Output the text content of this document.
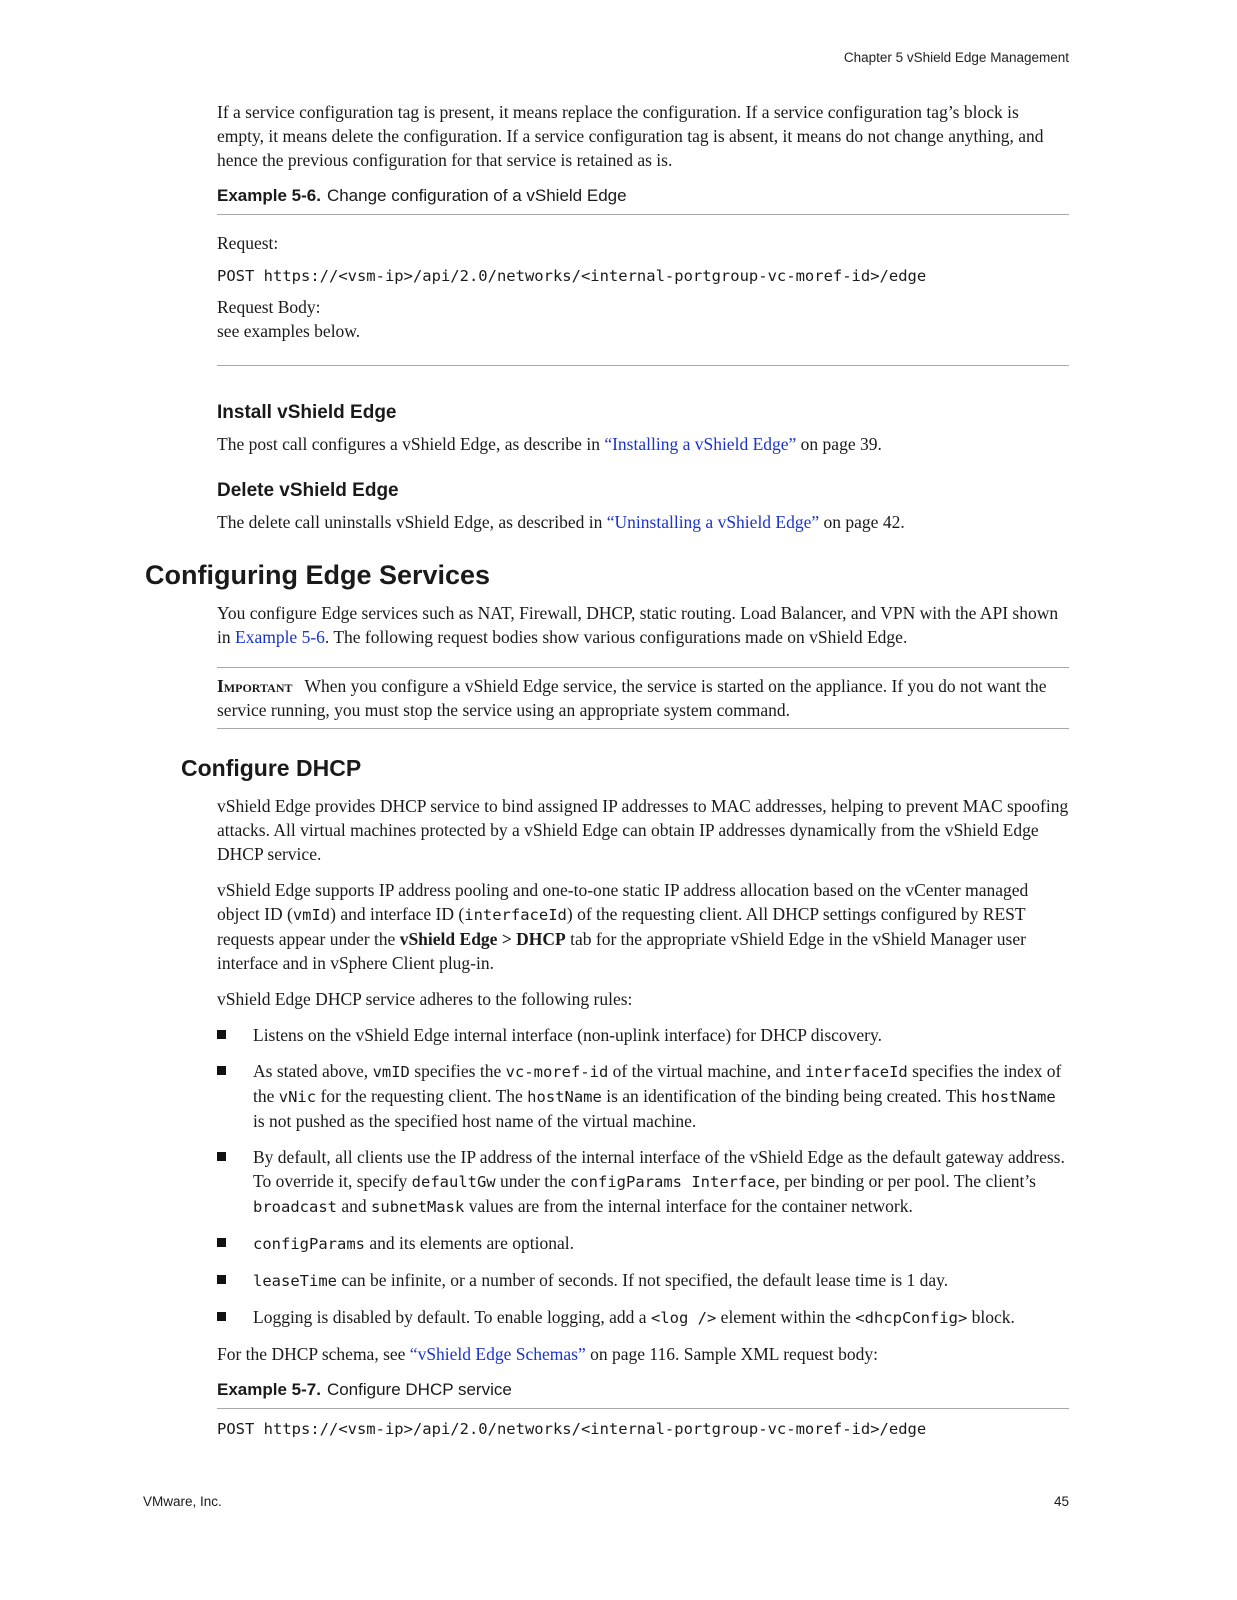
Chapter 5 vShield Edge Management

If a service configuration tag is present, it means replace the configuration. If a service configuration tag’s block is empty, it means delete the configuration. If a service configuration tag is absent, it means do not change anything, and hence the previous configuration for that service is retained as is.

Example 5-6. Change configuration of a vShield Edge

Request:

POST https://<vsm-ip>/api/2.0/networks/<internal-portgroup-vc-moref-id>/edge

Request Body:

see examples below.

Install vShield Edge

The post call configures a vShield Edge, as describe in “Installing a vShield Edge” on page 39.

Delete vShield Edge

The delete call uninstalls vShield Edge, as described in “Uninstalling a vShield Edge” on page 42.

Configuring Edge Services

You configure Edge services such as NAT, Firewall, DHCP, static routing. Load Balancer, and VPN with the API shown in Example 5-6. The following request bodies show various configurations made on vShield Edge.

Important When you configure a vShield Edge service, the service is started on the appliance. If you do not want the service running, you must stop the service using an appropriate system command.

Configure DHCP

vShield Edge provides DHCP service to bind assigned IP addresses to MAC addresses, helping to prevent MAC spoofing attacks. All virtual machines protected by a vShield Edge can obtain IP addresses dynamically from the vShield Edge DHCP service.

vShield Edge supports IP address pooling and one-to-one static IP address allocation based on the vCenter managed object ID (vmId) and interface ID (interfaceId) of the requesting client. All DHCP settings configured by REST requests appear under the vShield Edge > DHCP tab for the appropriate vShield Edge in the vShield Manager user interface and in vSphere Client plug-in.

vShield Edge DHCP service adheres to the following rules:

Listens on the vShield Edge internal interface (non-uplink interface) for DHCP discovery.
As stated above, vmID specifies the vc-moref-id of the virtual machine, and interfaceId specifies the index of the vNic for the requesting client. The hostName is an identification of the binding being created. This hostName is not pushed as the specified host name of the virtual machine.
By default, all clients use the IP address of the internal interface of the vShield Edge as the default gateway address. To override it, specify defaultGw under the configParams Interface, per binding or per pool. The client’s broadcast and subnetMask values are from the internal interface for the container network.
configParams and its elements are optional.
leaseTime can be infinite, or a number of seconds. If not specified, the default lease time is 1 day.
Logging is disabled by default. To enable logging, add a <log /> element within the <dhcpConfig> block.

For the DHCP schema, see “vShield Edge Schemas” on page 116. Sample XML request body:

Example 5-7. Configure DHCP service

POST https://<vsm-ip>/api/2.0/networks/<internal-portgroup-vc-moref-id>/edge

VMware, Inc.	45
